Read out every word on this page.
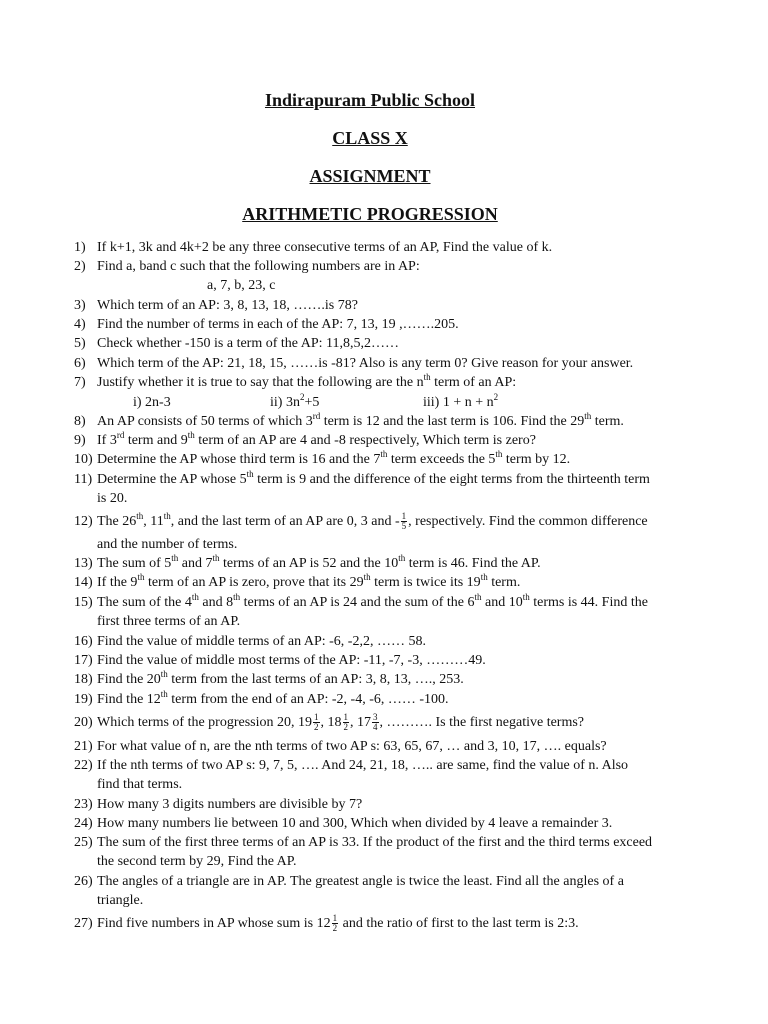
Indirapuram Public School
CLASS X
ASSIGNMENT
ARITHMETIC PROGRESSION
1) If k+1, 3k and 4k+2 be any three consecutive terms of an AP, Find the value of k.
2) Find a, band c such that the following numbers are in AP:
a, 7, b, 23, c
3) Which term of an AP: 3, 8, 13, 18, …….is 78?
4) Find the number of terms in each of the AP: 7, 13, 19 ,…….205.
5) Check whether -150 is a term of the AP: 11,8,5,2……
6) Which term of the AP: 21, 18, 15, ……is -81? Also is any term 0? Give reason for your answer.
7) Justify whether it is true to say that the following are the $n^{th}$ term of an AP:
i) 2n-3	ii) $3n^2+5$	iii) $1 + n + n^2$
8) An AP consists of 50 terms of which 3rd term is 12 and the last term is 106. Find the 29th term.
9) If 3rd term and 9th term of an AP are 4 and -8 respectively, Which term is zero?
10) Determine the AP whose third term is 16 and the 7th term exceeds the 5th term by 12.
11) Determine the AP whose 5th term is 9 and the difference of the eight terms from the thirteenth term
is 20.
12) The 26th, 11th, and the last term of an AP are 0, 3 and - $\frac{1}{5}$ , respectively. Find the common difference
and the number of terms.
13) The sum of 5th and 7th terms of an AP is 52 and the 10th term is 46. Find the AP.
14) If the 9th term of an AP is zero, prove that its 29th term is twice its 19th term.
15) The sum of the 4th and 8th terms of an AP is 24 and the sum of the 6th and 10th terms is 44. Find the
first three terms of an AP.
16) Find the value of middle terms of an AP: -6, -2,2, …… 58.
17) Find the value of middle most terms of the AP: -11, -7, -3, ………49.
18) Find the 20th term from the last terms of an AP: 3, 8, 13, …., 253.
19) Find the 12th term from the end of an AP: -2, -4, -6, …… -100.
20) Which terms of the progression 20, $19 \frac{1}{2}$ , $18 \frac{1}{2}$ , $17 \frac{3}{4}$ , ………. Is the first negative terms?
21) For what value of n, are the nth terms of two AP s: 63, 65, 67, … and 3, 10, 17, …. equals?
22) If the nth terms of two AP s: 9, 7, 5, …. And 24, 21, 18, ….. are same, find the value of n. Also
find that terms.
23) How many 3 digits numbers are divisible by 7?
24) How many numbers lie between 10 and 300, Which when divided by 4 leave a remainder 3.
25) The sum of the first three terms of an AP is 33. If the product of the first and the third terms exceed
the second term by 29, Find the AP.
26) The angles of a triangle are in AP. The greatest angle is twice the least. Find all the angles of a
triangle.
27) Find five numbers in AP whose sum is $12 \frac{1}{2}$ and the ratio of first to the last term is 2:3.
